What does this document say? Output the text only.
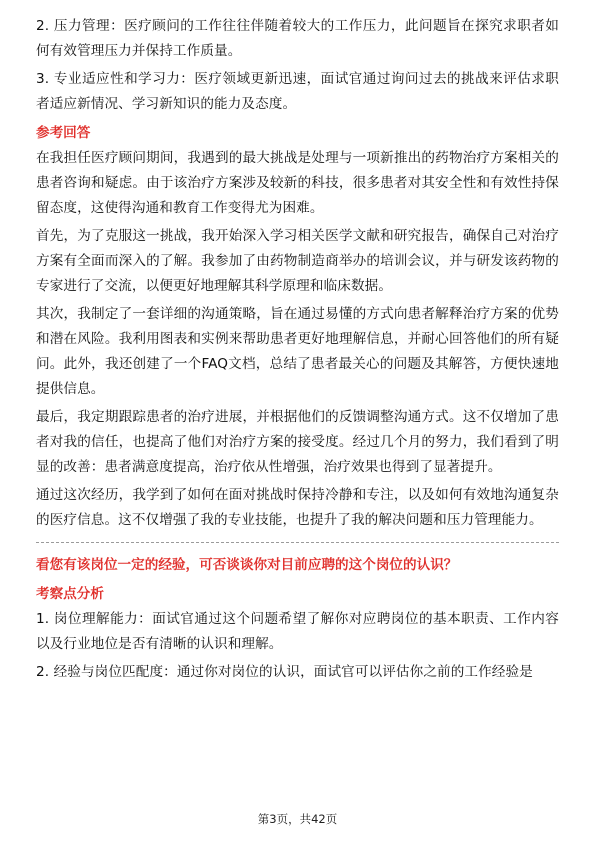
2. 压力管理：医疗顾问的工作往往伴随着较大的工作压力，此问题旨在探究求职者如何有效管理压力并保持工作质量。

3. 专业适应性和学习力：医疗领域更新迅速，面试官通过询问过去的挑战来评估求职者适应新情况、学习新知识的能力及态度。

参考回答

在我担任医疗顾问期间，我遇到的最大挑战是处理与一项新推出的药物治疗方案相关的患者咨询和疑虑。由于该治疗方案涉及较新的科技，很多患者对其安全性和有效性持保留态度，这使得沟通和教育工作变得尤为困难。

首先，为了克服这一挑战，我开始深入学习相关医学文献和研究报告，确保自己对治疗方案有全面而深入的了解。我参加了由药物制造商举办的培训会议，并与研发该药物的专家进行了交流，以便更好地理解其科学原理和临床数据。

其次，我制定了一套详细的沟通策略，旨在通过易懂的方式向患者解释治疗方案的优势和潜在风险。我利用图表和实例来帮助患者更好地理解信息，并耐心回答他们的所有疑问。此外，我还创建了一个FAQ文档，总结了患者最关心的问题及其解答，方便快速地提供信息。

最后，我定期跟踪患者的治疗进展，并根据他们的反馈调整沟通方式。这不仅增加了患者对我的信任，也提高了他们对治疗方案的接受度。经过几个月的努力，我们看到了明显的改善：患者满意度提高，治疗依从性增强，治疗效果也得到了显著提升。

通过这次经历，我学到了如何在面对挑战时保持冷静和专注，以及如何有效地沟通复杂的医疗信息。这不仅增强了我的专业技能，也提升了我的解决问题和压力管理能力。

看您有该岗位一定的经验，可否谈谈你对目前应聘的这个岗位的认识？

考察点分析

1. 岗位理解能力：面试官通过这个问题希望了解你对应聘岗位的基本职责、工作内容以及行业地位是否有清晰的认识和理解。

2. 经验与岗位匹配度：通过你对岗位的认识，面试官可以评估你之前的工作经验是

第3页，共42页
